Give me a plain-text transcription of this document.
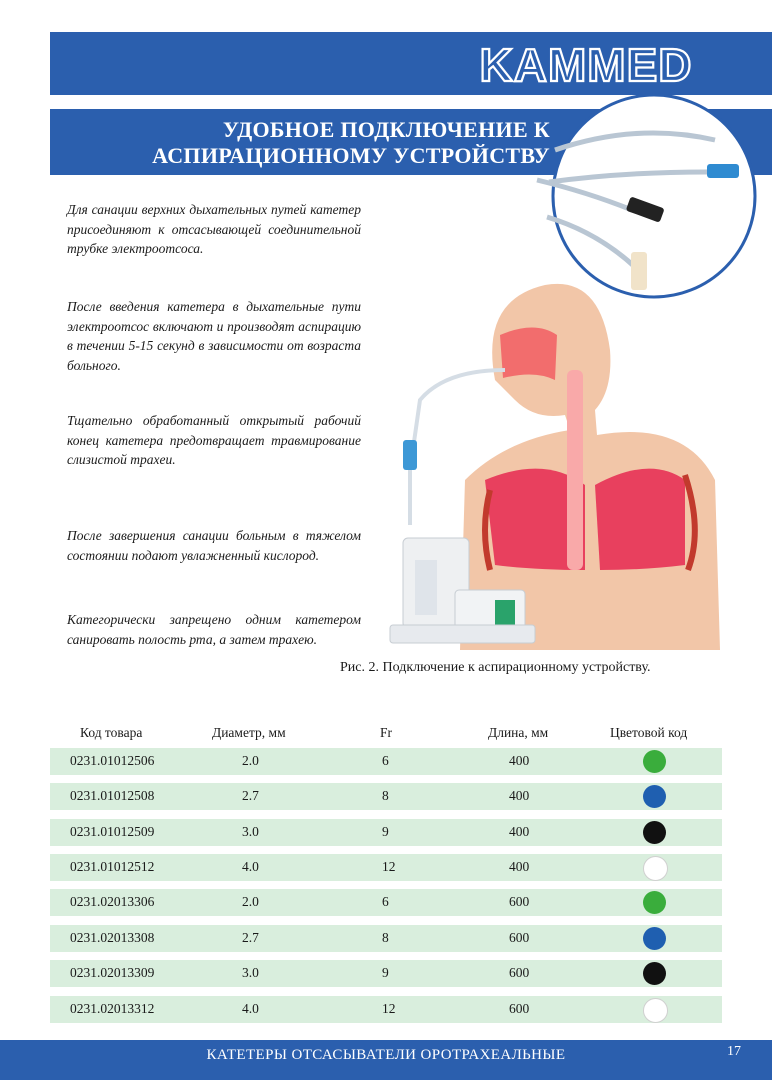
KAMMED
УДОБНОЕ ПОДКЛЮЧЕНИЕ К
АСПИРАЦИОННОМУ УСТРОЙСТВУ
Для санации верхних дыхательных путей катетер присоединяют к отсасывающей соединительной трубке электроотсоса.
После введения катетера в дыхательные пути электроотсос включают и производят аспирацию в течении 5-15 секунд в зависимости от возраста больного.
Тщательно обработанный открытый рабочий конец катетера предотвращает травмирование слизистой трахеи.
После завершения санации больным в тяжелом состоянии подают увлажненный кислород.
Категорически запрещено одним катетером санировать полость рта, а затем трахею.
Рис. 2. Подключение к аспирационному устройству.
Код товара	Диаметр, мм	Fr	Длина, мм	Цветовой код
0231.01012506	2.0	6	400
0231.01012508	2.7	8	400
0231.01012509	3.0	9	400
0231.01012512	4.0	12	400
0231.02013306	2.0	6	600
0231.02013308	2.7	8	600
0231.02013309	3.0	9	600
0231.02013312	4.0	12	600
КАТЕТЕРЫ ОТСАСЫВАТЕЛИ ОРОТРАХЕАЛЬНЫЕ	17
